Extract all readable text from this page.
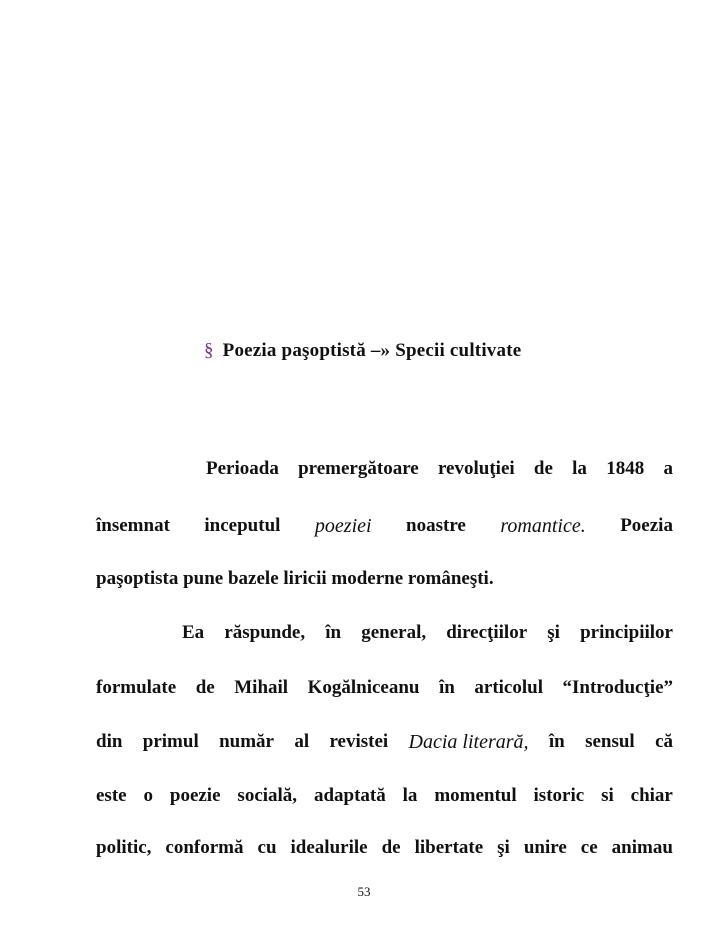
§ Poezia paşoptistă –» Specii cultivate
Perioada premergătoare revoluţiei de la 1848 a
însemnat inceputul poeziei noastre romantice. Poezia
paşoptista pune bazele liricii moderne româneşti.
Ea răspunde, în general, direcţiilor şi principiilor
formulate de Mihail Kogălniceanu în articolul “Introducţie”
din primul număr al revistei Dacia literară, în sensul că
este o poezie socială, adaptată la momentul istoric si chiar
politic, conformă cu idealurile de libertate şi unire ce animau
53
